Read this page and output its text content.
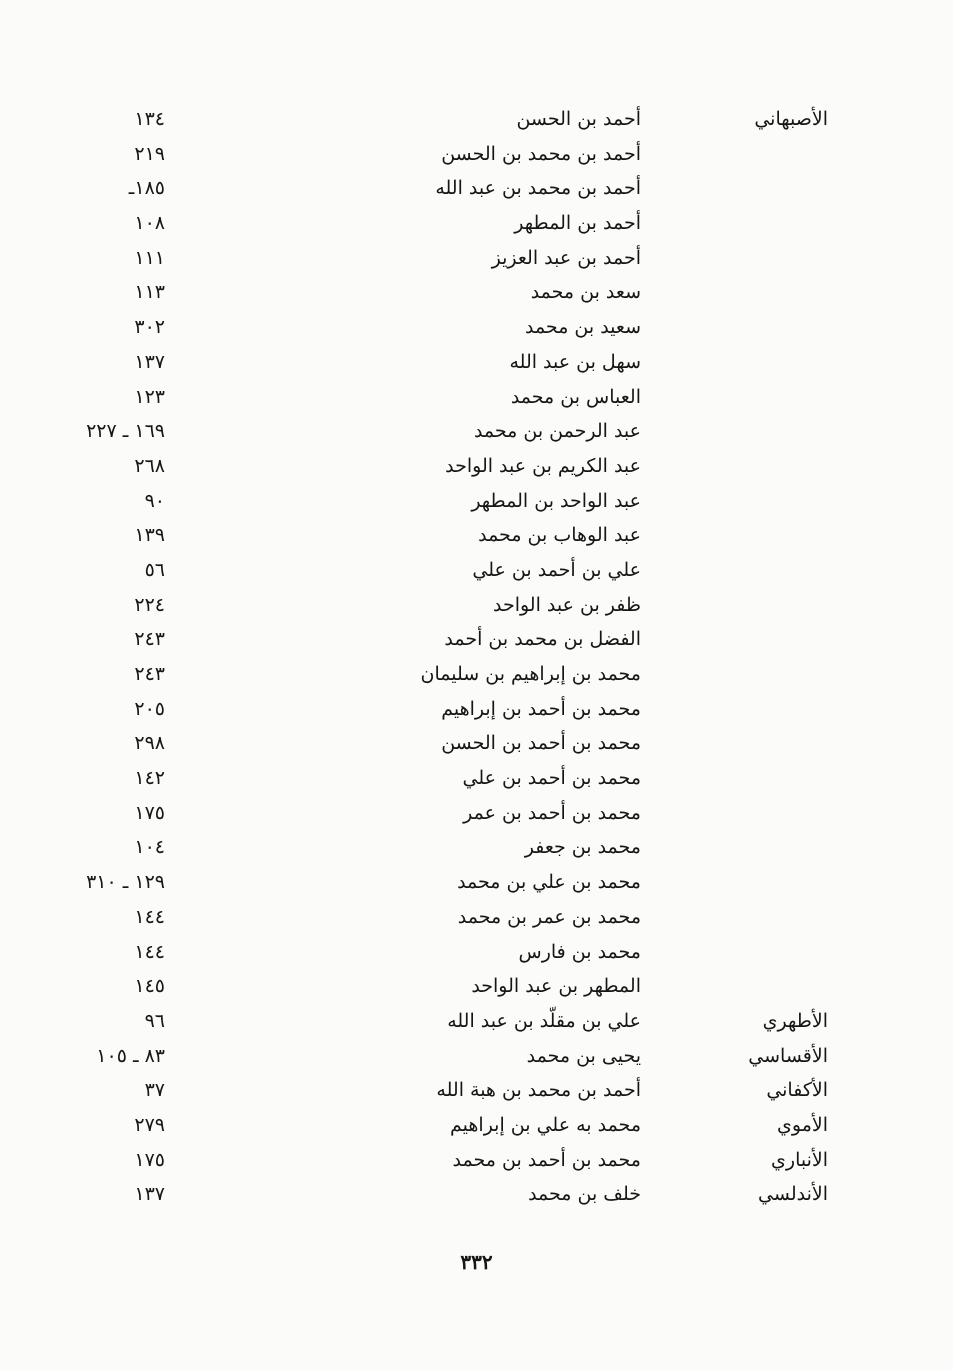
الأصبهاني
أحمد بن الحسن
١٣٤
أحمد بن محمد بن الحسن
٢١٩
أحمد بن محمد بن عبد الله
١٨٥ـ
أحمد بن المطهر
١٠٨
أحمد بن عبد العزيز
١١١
سعد بن محمد
١١٣
سعيد بن محمد
٣٠٢
سهل بن عبد الله
١٣٧
العباس بن محمد
١٢٣
عبد الرحمن بن محمد
١٦٩ ـ ٢٢٧
عبد الكريم بن عبد الواحد
٢٦٨
عبد الواحد بن المطهر
٩٠
عبد الوهاب بن محمد
١٣٩
علي بن أحمد بن علي
٥٦
ظفر بن عبد الواحد
٢٢٤
الفضل بن محمد بن أحمد
٢٤٣
محمد بن إبراهيم بن سليمان
٢٤٣
محمد بن أحمد بن إبراهيم
٢٠٥
محمد بن أحمد بن الحسن
٢٩٨
محمد بن أحمد بن علي
١٤٢
محمد بن أحمد بن عمر
١٧٥
محمد بن جعفر
١٠٤
محمد بن علي بن محمد
١٢٩ ـ ٣١٠
محمد بن عمر بن محمد
١٤٤
محمد بن فارس
١٤٤
المطهر بن عبد الواحد
١٤٥
الأطهري
علي بن مقلّد بن عبد الله
٩٦
الأقساسي
يحيى بن محمد
٨٣ ـ ١٠٥
الأكفاني
أحمد بن محمد بن هبة الله
٣٧
الأموي
محمد به علي بن إبراهيم
٢٧٩
الأنباري
محمد بن أحمد بن محمد
١٧٥
الأندلسي
خلف بن محمد
١٣٧
٣٣٢
